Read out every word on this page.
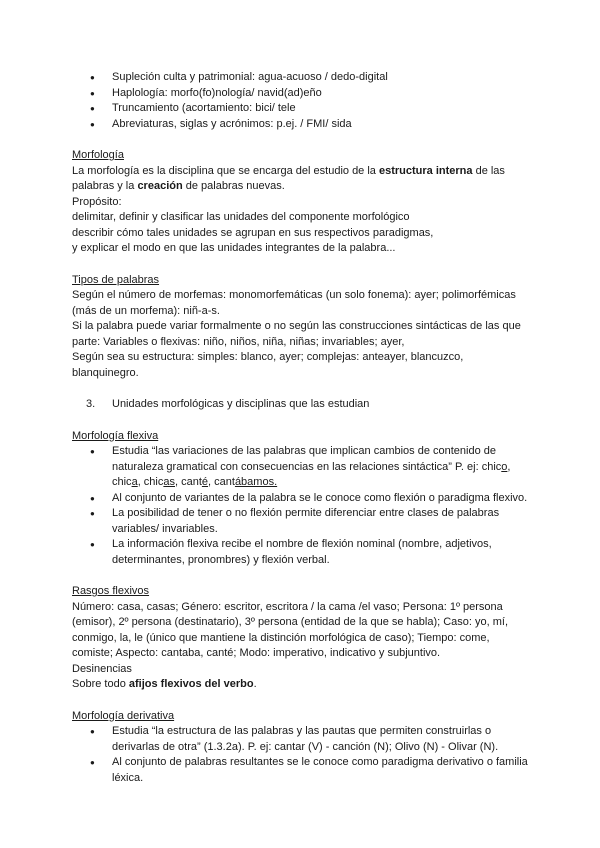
● Supleción culta y patrimonial: agua-acuoso / dedo-digital
● Haplología: morfo(fo)nología/ navid(ad)eño
● Truncamiento (acortamiento: bici/ tele
● Abreviaturas, siglas y acrónimos: p.ej. / FMI/ sida
Morfología

La morfología es la disciplina que se encarga del estudio de la estructura interna de las palabras y la creación de palabras nuevas.

Propósito:

delimitar, definir y clasificar las unidades del componente morfológico

describir cómo tales unidades se agrupan en sus respectivos paradigmas,

y explicar el modo en que las unidades integrantes de la palabra...

Tipos de palabras

Según el número de morfemas: monomorfemáticas (un solo fonema): ayer; polimorfémicas (más de un morfema): niñ-a-s.

Si la palabra puede variar formalmente o no según las construcciones sintácticas de las que parte: Variables o flexivas: niño, niños, niña, niñas; invariables; ayer,

Según sea su estructura: simples: blanco, ayer; complejas: anteayer, blancuzco, blanquinegro.

3.	Unidades morfológicas y disciplinas que las estudian
Morfología flexiva
● Estudia “las variaciones de las palabras que implican cambios de contenido de naturaleza gramatical con consecuencias en las relaciones sintáctica” P. ej: chico, chica, chicas, canté, cantábamos.
● Al conjunto de variantes de la palabra se le conoce como flexión o paradigma flexivo.
● La posibilidad de tener o no flexión permite diferenciar entre clases de palabras variables/ invariables.
● La información flexiva recibe el nombre de flexión nominal (nombre, adjetivos, determinantes, pronombres) y flexión verbal.
Rasgos flexivos

Número: casa, casas; Género: escritor, escritora / la cama /el vaso; Persona: 1º persona (emisor), 2º persona (destinatario), 3º persona (entidad de la que se habla); Caso: yo, mí, conmigo, la, le (único que mantiene la distinción morfológica de caso); Tiempo: come, comiste; Aspecto: cantaba, canté; Modo: imperativo, indicativo y subjuntivo.

Desinencias

Sobre todo afijos flexivos del verbo.

Morfología derivativa
● Estudia “la estructura de las palabras y las pautas que permiten construirlas o derivarlas de otra” (1.3.2a). P. ej: cantar (V) - canción (N); Olivo (N) - Olivar (N).
● Al conjunto de palabras resultantes se le conoce como paradigma derivativo o familia léxica.
